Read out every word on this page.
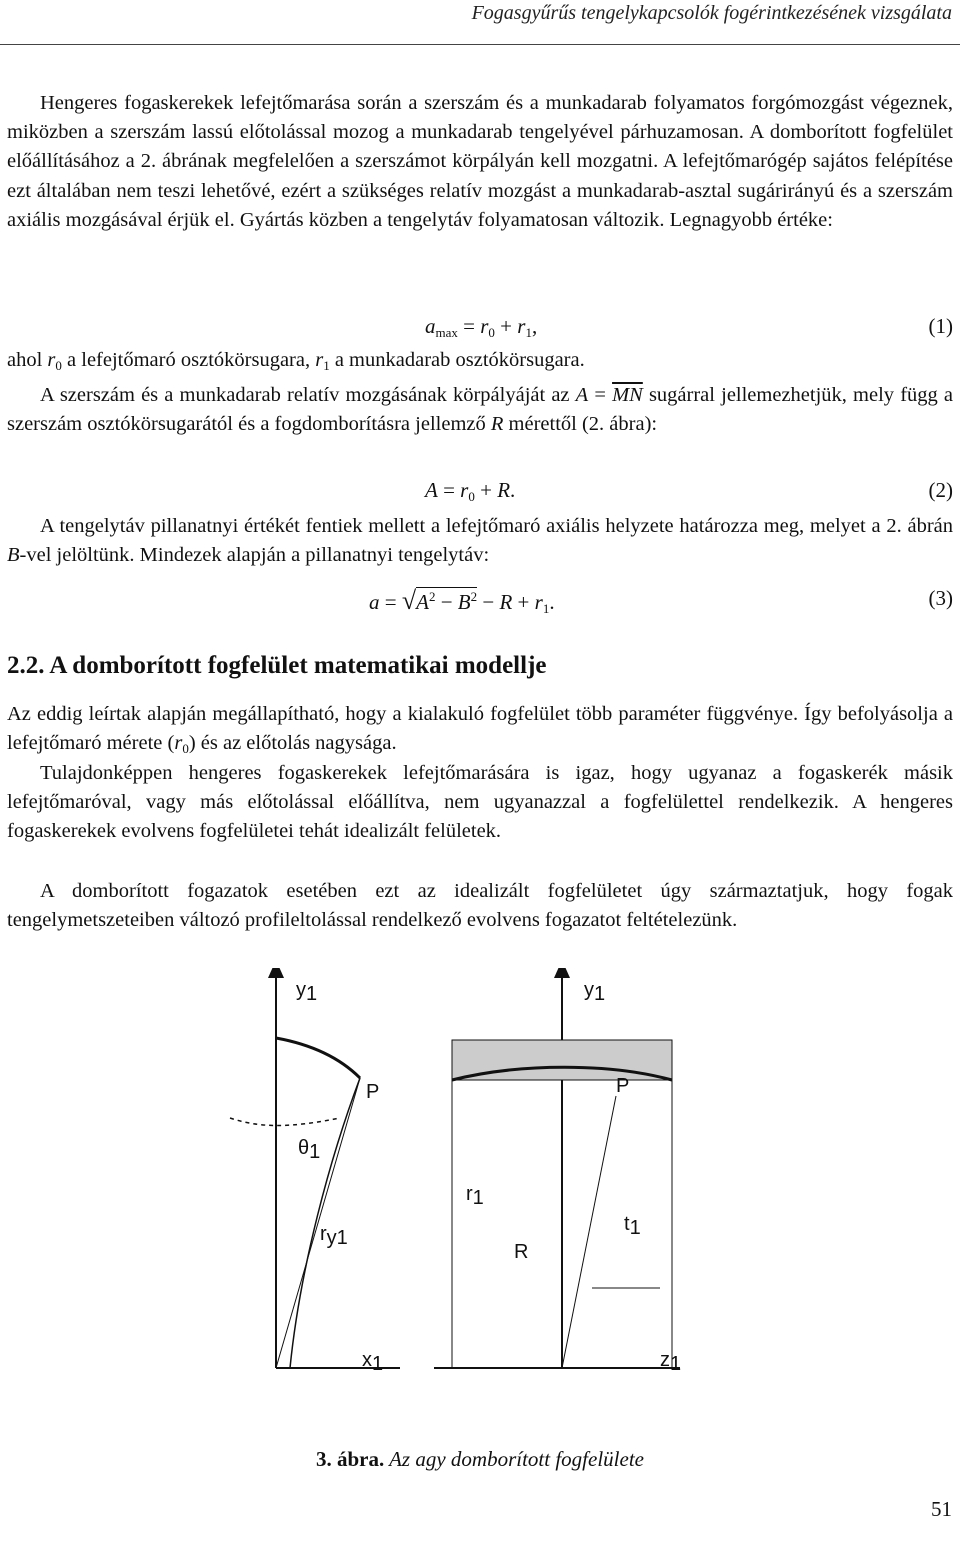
Fogasgyűrűs tengelykapcsolók fogérintkezésének vizsgálata

Hengeres fogaskerekek lefejtőmarása során a szerszám és a munkadarab folyamatos forgómozgást végeznek, miközben a szerszám lassú előtolással mozog a munkadarab tengelyével párhuzamosan. A domborított fogfelület előállításához a 2. ábrának megfelelően a szerszámot körpályán kell mozgatni. A lefejtőmarógép sajátos felépítése ezt általában nem teszi lehetővé, ezért a szükséges relatív mozgást a munkadarab-asztal sugárirányú és a szerszám axiális mozgásával érjük el. Gyártás közben a tengelytáv folyamatosan változik. Legnagyobb értéke:

$a_{max} = r_0 + r_1$,	(1)

ahol $r_0$ a lefejtőmaró osztókörsugara, $r_1$ a munkadarab osztókörsugara.

A szerszám és a munkadarab relatív mozgásának körpályáját az $A = \overline{MN}$ sugárral jellemezhetjük, mely függ a szerszám osztókörsugarától és a fogdomborításra jellemző R mérettől (2. ábra):

$A = r_0 + R$.	(2)

A tengelytáv pillanatnyi értékét fentiek mellett a lefejtőmaró axiális helyzete határozza meg, melyet a 2. ábrán B-vel jelöltünk. Mindezek alapján a pillanatnyi tengelytáv:

$a = √A^2 - B^2 - R + r_1$.	(3)
2.2. A domborított fogfelület matematikai modellje

Az eddig leírtak alapján megállapítható, hogy a kialakuló fogfelület több paraméter függvénye. Így befolyásolja a lefejtőmaró mérete $(r_0)$ és az előtolás nagysága.

Tulajdonképpen hengeres fogaskerekek lefejtőmarására is igaz, hogy ugyanaz a fogaskerék másik lefejtőmaróval, vagy más előtolással előállítva, nem ugyanazzal a fogfelülettel rendelkezik. A hengeres fogaskerekek evolvens fogfelületei tehát idealizált felületek.

A domborított fogazatok esetében ezt az idealizált fogfelületet úgy származtatjuk, hogy fogak tengelymetszeteiben változó profileltolással rendelkező evolvens fogazatot feltételezünk.

y1
P
θ1
ry1
x1
y1
P
r1
t1
R
z1
3. ábra. Az agy domborított fogfelülete
51
